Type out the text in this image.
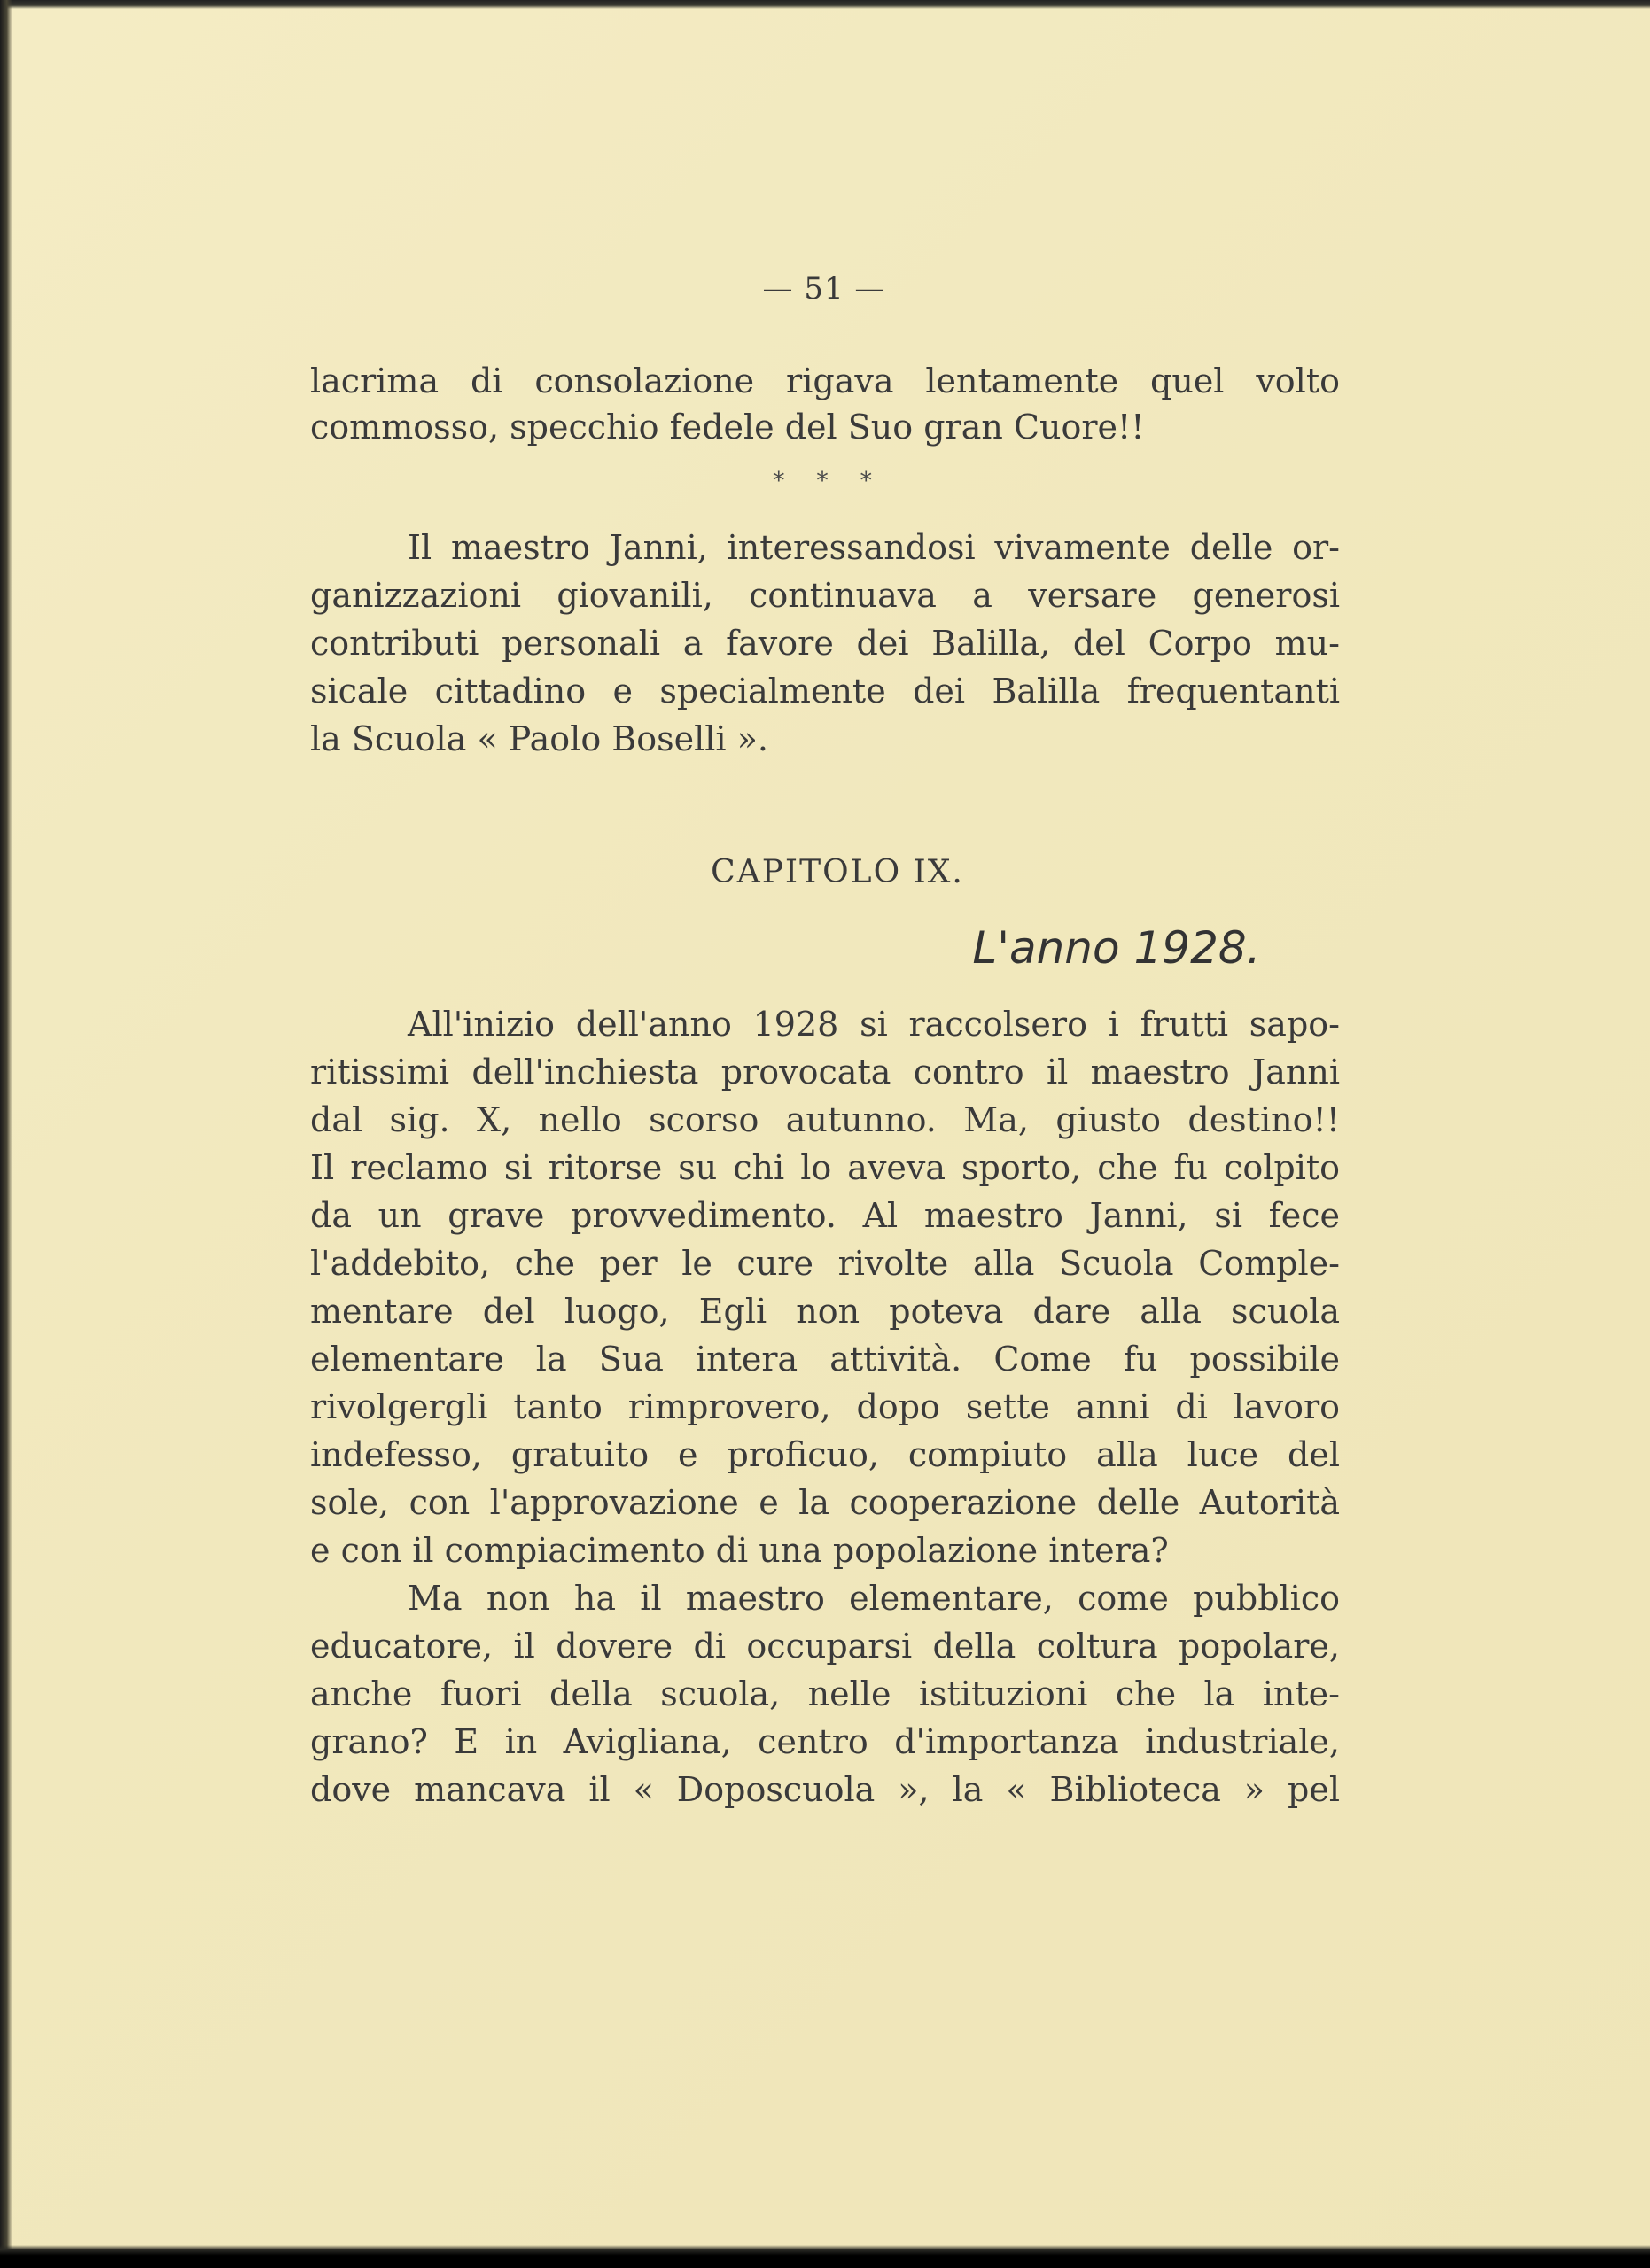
— 51 —
lacrima di consolazione rigava lentamente quel volto
commosso, specchio fedele del Suo gran Cuore!!
* * *
Il maestro Janni, interessandosi vivamente delle or-
ganizzazioni giovanili, continuava a versare generosi
contributi personali a favore dei Balilla, del Corpo mu-
sicale cittadino e specialmente dei Balilla frequentanti
la Scuola « Paolo Boselli ».
CAPITOLO IX.
L'anno 1928.
All'inizio dell'anno 1928 si raccolsero i frutti sapo-
ritissimi dell'inchiesta provocata contro il maestro Janni
dal sig. X, nello scorso autunno. Ma, giusto destino!!
Il reclamo si ritorse su chi lo aveva sporto, che fu colpito
da un grave provvedimento. Al maestro Janni, si fece
l'addebito, che per le cure rivolte alla Scuola Comple-
mentare del luogo, Egli non poteva dare alla scuola
elementare la Sua intera attività. Come fu possibile
rivolgergli tanto rimprovero, dopo sette anni di lavoro
indefesso, gratuito e proficuo, compiuto alla luce del
sole, con l'approvazione e la cooperazione delle Autorità
e con il compiacimento di una popolazione intera?
Ma non ha il maestro elementare, come pubblico
educatore, il dovere di occuparsi della coltura popolare,
anche fuori della scuola, nelle istituzioni che la inte-
grano? E in Avigliana, centro d'importanza industriale,
dove mancava il « Doposcuola », la « Biblioteca » pel
